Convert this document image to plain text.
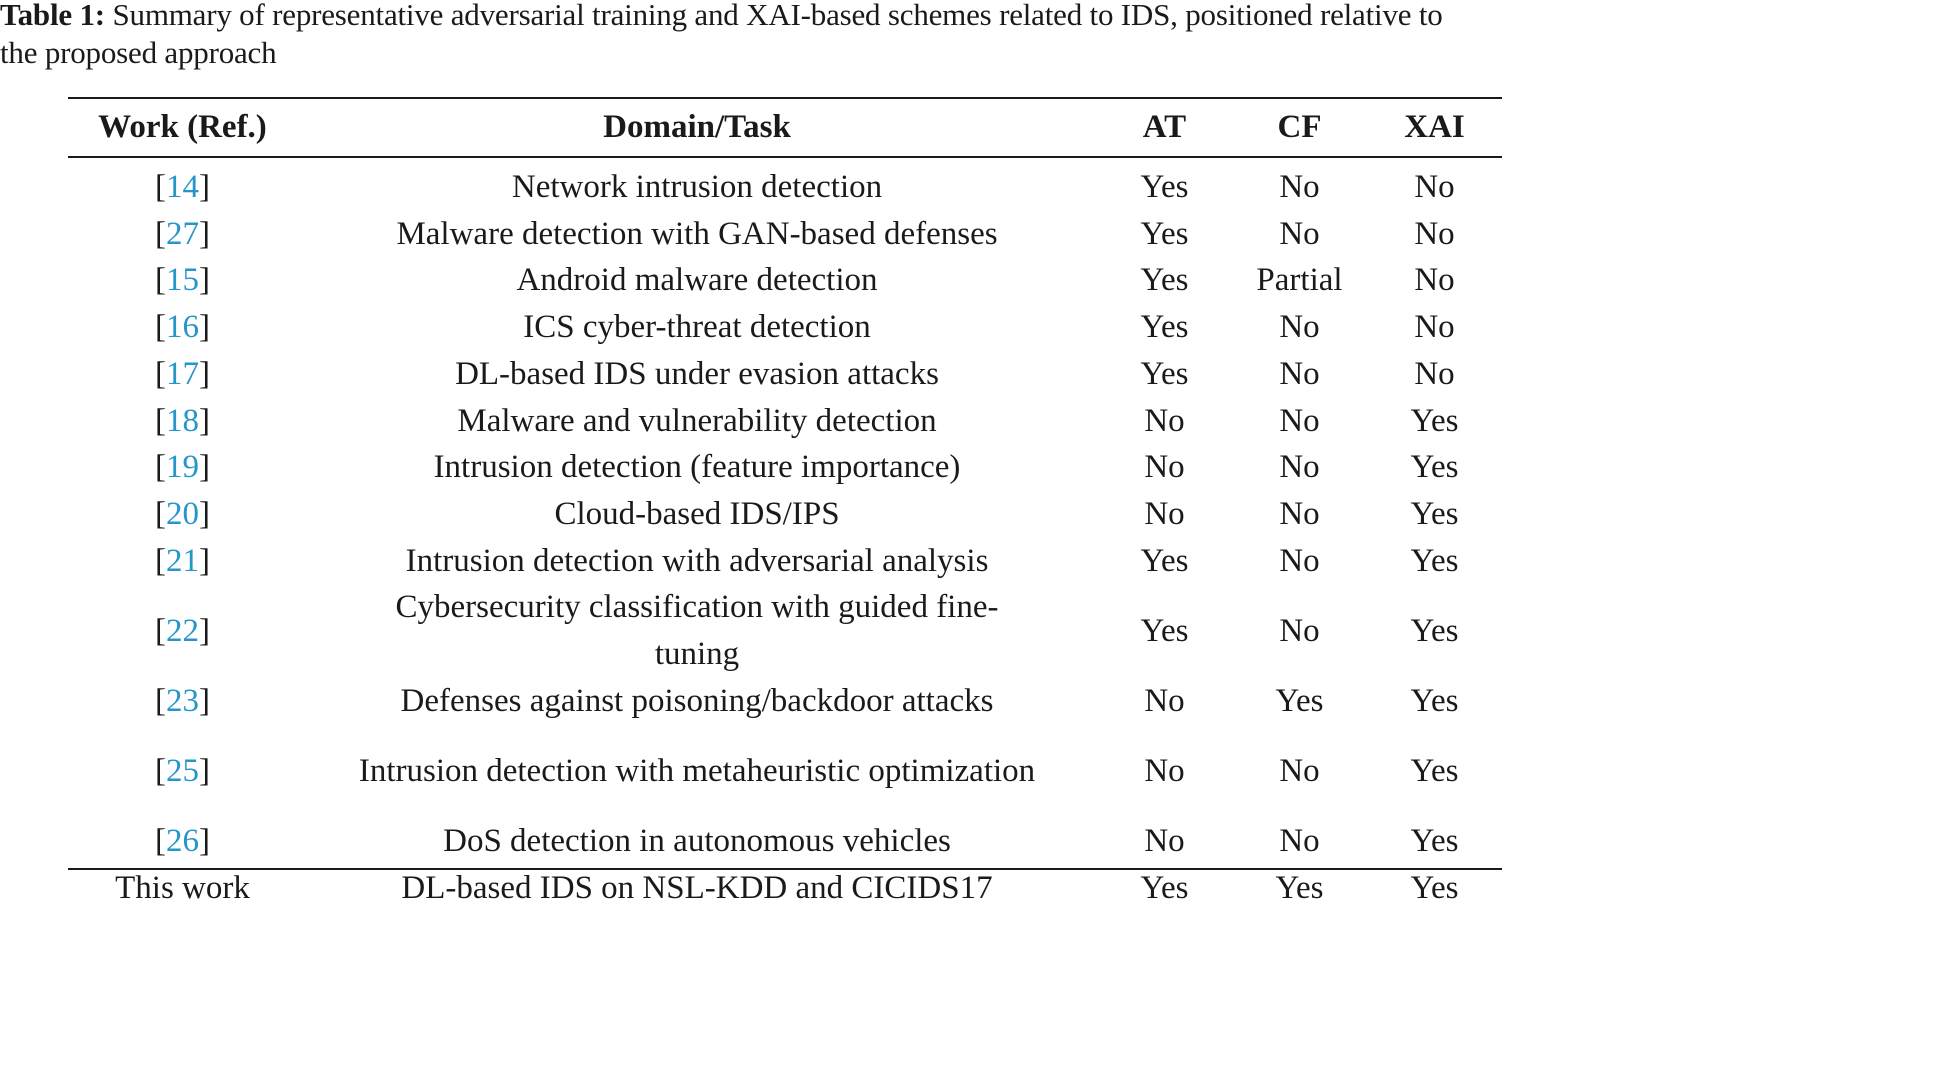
Table 1: Summary of representative adversarial training and XAI-based schemes related to IDS, positioned relative to
the proposed approach
Work (Ref.)	Domain/Task	AT	CF	XAI
[14]	Network intrusion detection	Yes	No	No
[27]	Malware detection with GAN-based defenses	Yes	No	No
[15]	Android malware detection	Yes	Partial	No
[16]	ICS cyber-threat detection	Yes	No	No
[17]	DL-based IDS under evasion attacks	Yes	No	No
[18]	Malware and vulnerability detection	No	No	Yes
[19]	Intrusion detection (feature importance)	No	No	Yes
[20]	Cloud-based IDS/IPS	No	No	Yes
[21]	Intrusion detection with adversarial analysis	Yes	No	Yes
[22]	Cybersecurity classification with guided fine-tuning	Yes	No	Yes
[23]	Defenses against poisoning/backdoor attacks	No	Yes	Yes
[25]	Intrusion detection with metaheuristic optimization	No	No	Yes
[26]	DoS detection in autonomous vehicles	No	No	Yes
This work	DL-based IDS on NSL-KDD and CICIDS17	Yes	Yes	Yes
